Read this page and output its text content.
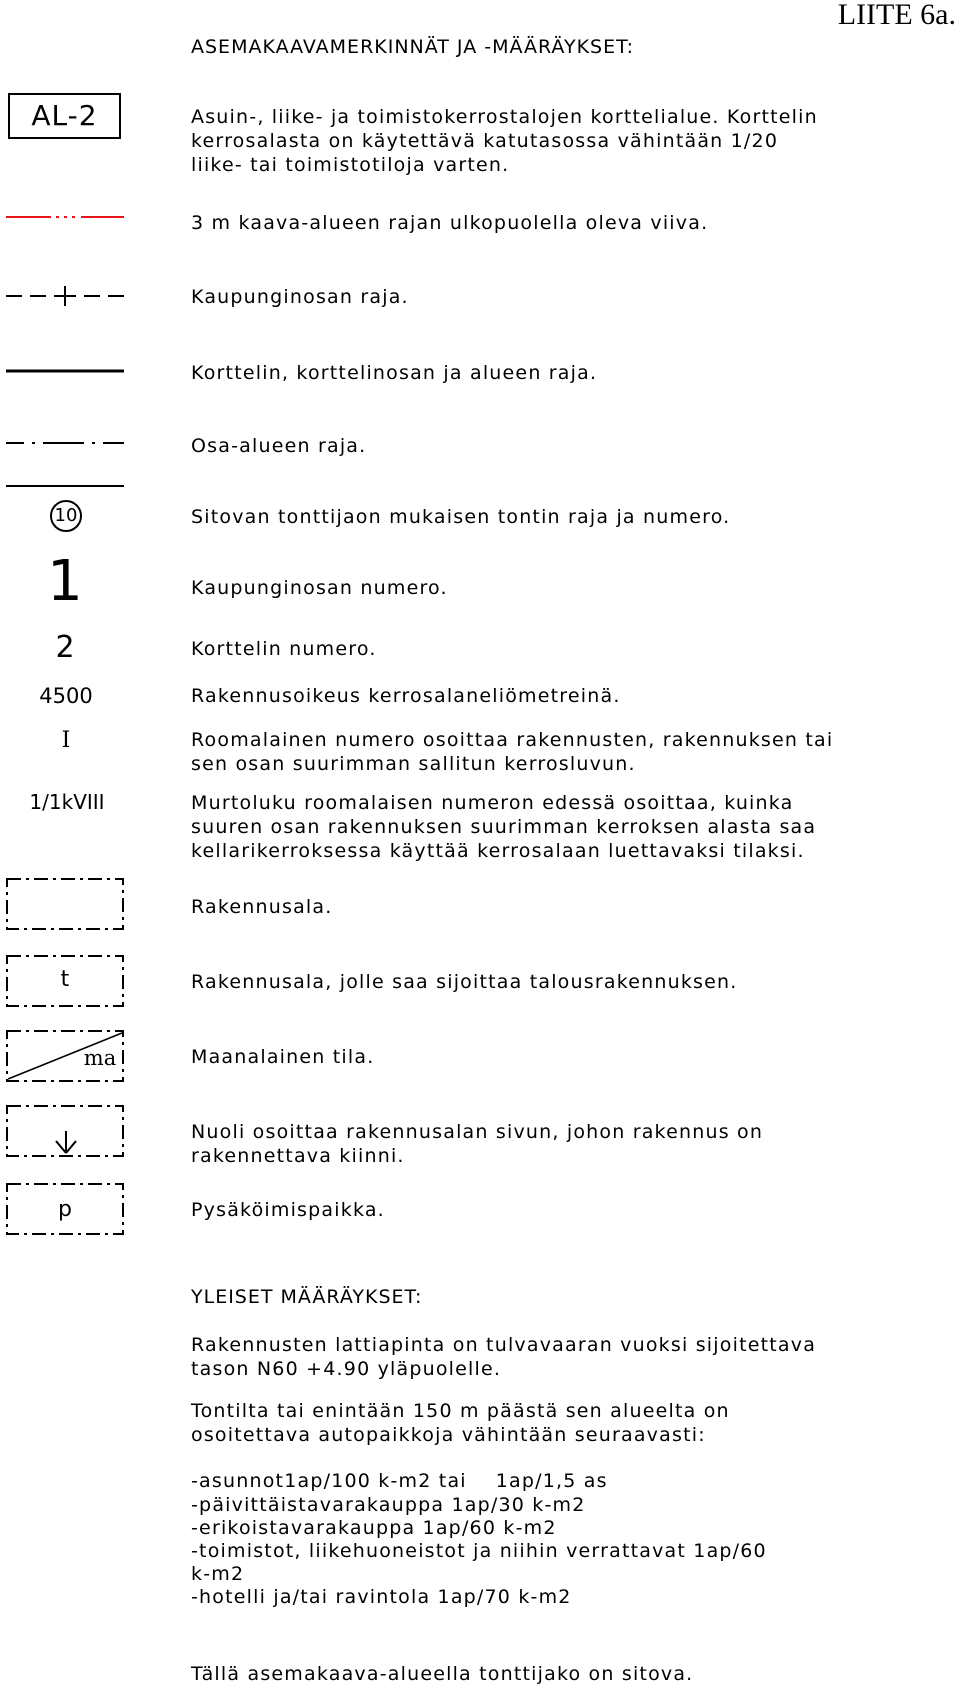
LIITE 6a.
ASEMAKAAVAMERKINNÄT JA -MÄÄRÄYKSET:
AL-2	Asuin-, liike- ja toimistokerrostalojen korttelialue. Korttelin
kerrosalasta on käytettävä katutasossa vähintään 1/20
liike- tai toimistotiloja varten.
3 m kaava-alueen rajan ulkopuolella oleva viiva.
Kaupunginosan raja.
Korttelin, korttelinosan ja alueen raja.
Osa-alueen raja.
10	Sitovan tonttijaon mukaisen tontin raja ja numero.
1	Kaupunginosan numero.
2	Korttelin numero.
4500	Rakennusoikeus kerrosalaneliömetreinä.
I	Roomalainen numero osoittaa rakennusten, rakennuksen tai
sen osan suurimman sallitun kerrosluvun.
1/1kVIII	Murtoluku roomalaisen numeron edessä osoittaa, kuinka
suuren osan rakennuksen suurimman kerroksen alasta saa
kellarikerroksessa käyttää kerrosalaan luettavaksi tilaksi.
Rakennusala.
t	Rakennusala, jolle saa sijoittaa talousrakennuksen.
ma	Maanalainen tila.
Nuoli osoittaa rakennusalan sivun, johon rakennus on
rakennettava kiinni.
p	Pysäköimispaikka.
YLEISET MÄÄRÄYKSET:
Rakennusten lattiapinta on tulvavaaran vuoksi sijoitettava
tason N60 +4.90 yläpuolelle.
Tontilta tai enintään 150 m päästä sen alueelta on
osoitettava autopaikkoja vähintään seuraavasti:
-asunnot1ap/100 k-m2 tai    1ap/1,5 as
-päivittäistavarakauppa 1ap/30 k-m2
-erikoistavarakauppa 1ap/60 k-m2
-toimistot, liikehuoneistot ja niihin verrattavat 1ap/60
k-m2
-hotelli ja/tai ravintola 1ap/70 k-m2
Tällä asemakaava-alueella tonttijako on sitova.
